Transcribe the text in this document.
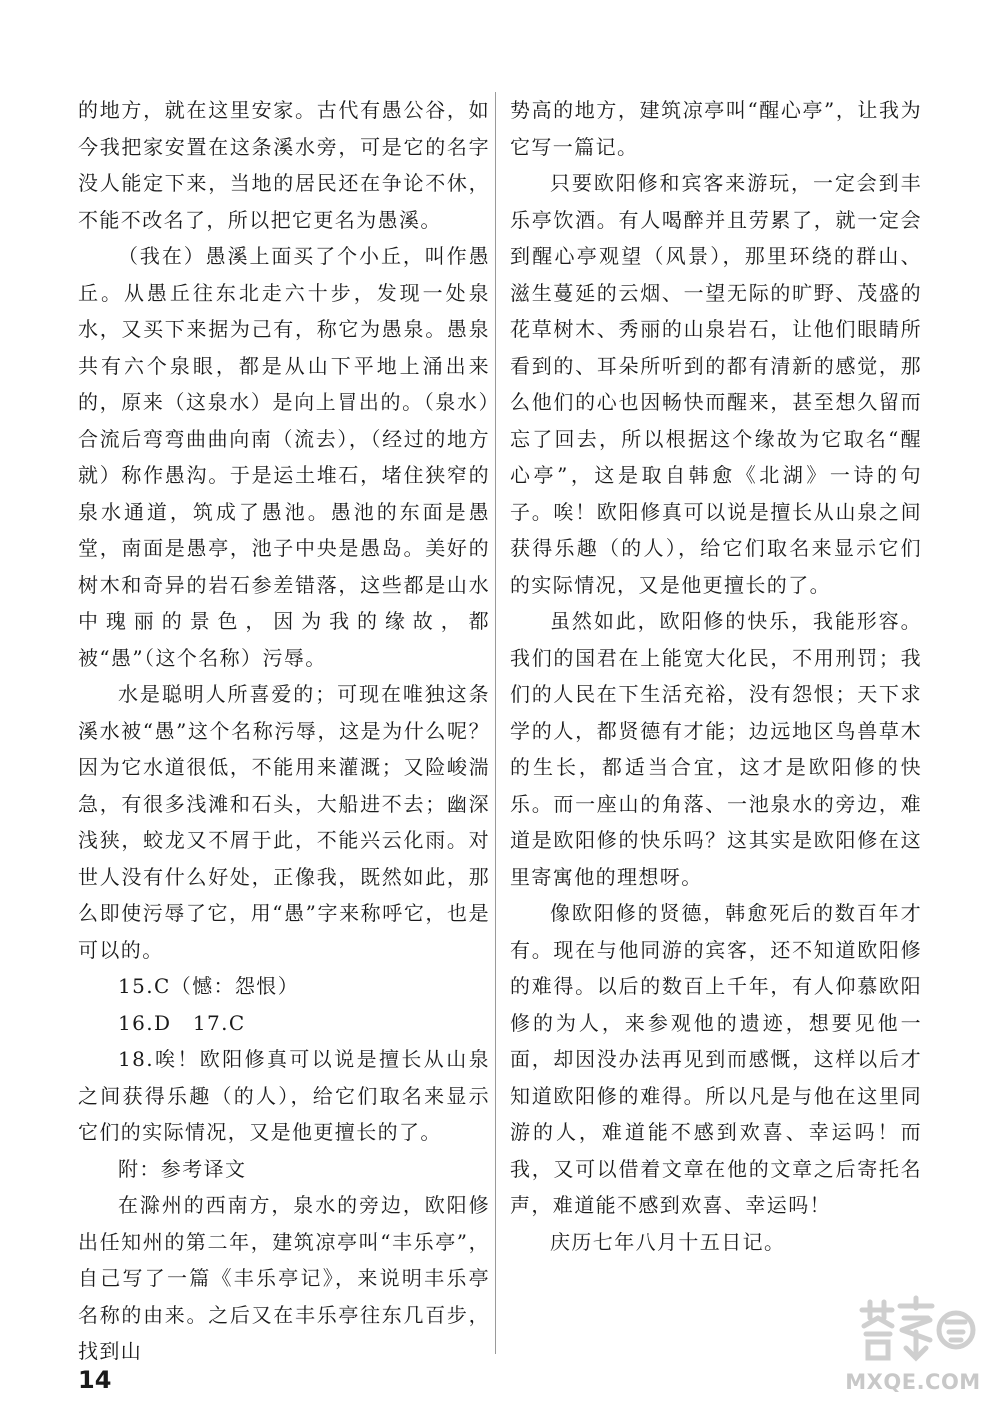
的地方，就在这里安家。古代有愚公谷，如今我把家安置在这条溪水旁，可是它的名字没人能定下来，当地的居民还在争论不休，不能不改名了，所以把它更名为愚溪。

（我在）愚溪上面买了个小丘，叫作愚丘。从愚丘往东北走六十步，发现一处泉水，又买下来据为己有，称它为愚泉。愚泉共有六个泉眼，都是从山下平地上涌出来的，原来（这泉水）是向上冒出的。（泉水）合流后弯弯曲曲向南（流去），（经过的地方就）称作愚沟。于是运土堆石，堵住狭窄的泉水通道，筑成了愚池。愚池的东面是愚堂，南面是愚亭，池子中央是愚岛。美好的树木和奇异的岩石参差错落，这些都是山水中瑰丽的景色，因为我的缘故，都被“愚”（这个名称）污辱。

水是聪明人所喜爱的；可现在唯独这条溪水被“愚”这个名称污辱，这是为什么呢？因为它水道很低，不能用来灌溉；又险峻湍急，有很多浅滩和石头，大船进不去；幽深浅狭，蛟龙又不屑于此，不能兴云化雨。对世人没有什么好处，正像我，既然如此，那么即使污辱了它，用“愚”字来称呼它，也是可以的。

15.C（憾：怨恨）

16.D　17.C

18.唉！欧阳修真可以说是擅长从山泉之间获得乐趣（的人），给它们取名来显示它们的实际情况，又是他更擅长的了。

附：参考译文

在滁州的西南方，泉水的旁边，欧阳修出任知州的第二年，建筑凉亭叫“丰乐亭”，自己写了一篇《丰乐亭记》，来说明丰乐亭名称的由来。之后又在丰乐亭往东几百步，找到山

势高的地方，建筑凉亭叫“醒心亭”，让我为它写一篇记。

只要欧阳修和宾客来游玩，一定会到丰乐亭饮酒。有人喝醉并且劳累了，就一定会到醒心亭观望（风景），那里环绕的群山、滋生蔓延的云烟、一望无际的旷野、茂盛的花草树木、秀丽的山泉岩石，让他们眼睛所看到的、耳朵所听到的都有清新的感觉，那么他们的心也因畅快而醒来，甚至想久留而忘了回去，所以根据这个缘故为它取名“醒心亭”，这是取自韩愈《北湖》一诗的句子。唉！欧阳修真可以说是擅长从山泉之间获得乐趣（的人），给它们取名来显示它们的实际情况，又是他更擅长的了。

虽然如此，欧阳修的快乐，我能形容。我们的国君在上能宽大化民，不用刑罚；我们的人民在下生活充裕，没有怨恨；天下求学的人，都贤德有才能；边远地区鸟兽草木的生长，都适当合宜，这才是欧阳修的快乐。而一座山的角落、一池泉水的旁边，难道是欧阳修的快乐吗？这其实是欧阳修在这里寄寓他的理想呀。

像欧阳修的贤德，韩愈死后的数百年才有。现在与他同游的宾客，还不知道欧阳修的难得。以后的数百上千年，有人仰慕欧阳修的为人，来参观他的遗迹，想要见他一面，却因没办法再见到而感慨，这样以后才知道欧阳修的难得。所以凡是与他在这里同游的人，难道能不感到欢喜、幸运吗！而我，又可以借着文章在他的文章之后寄托名声，难道能不感到欢喜、幸运吗！

庆历七年八月十五日记。

14	MXQE.COM
